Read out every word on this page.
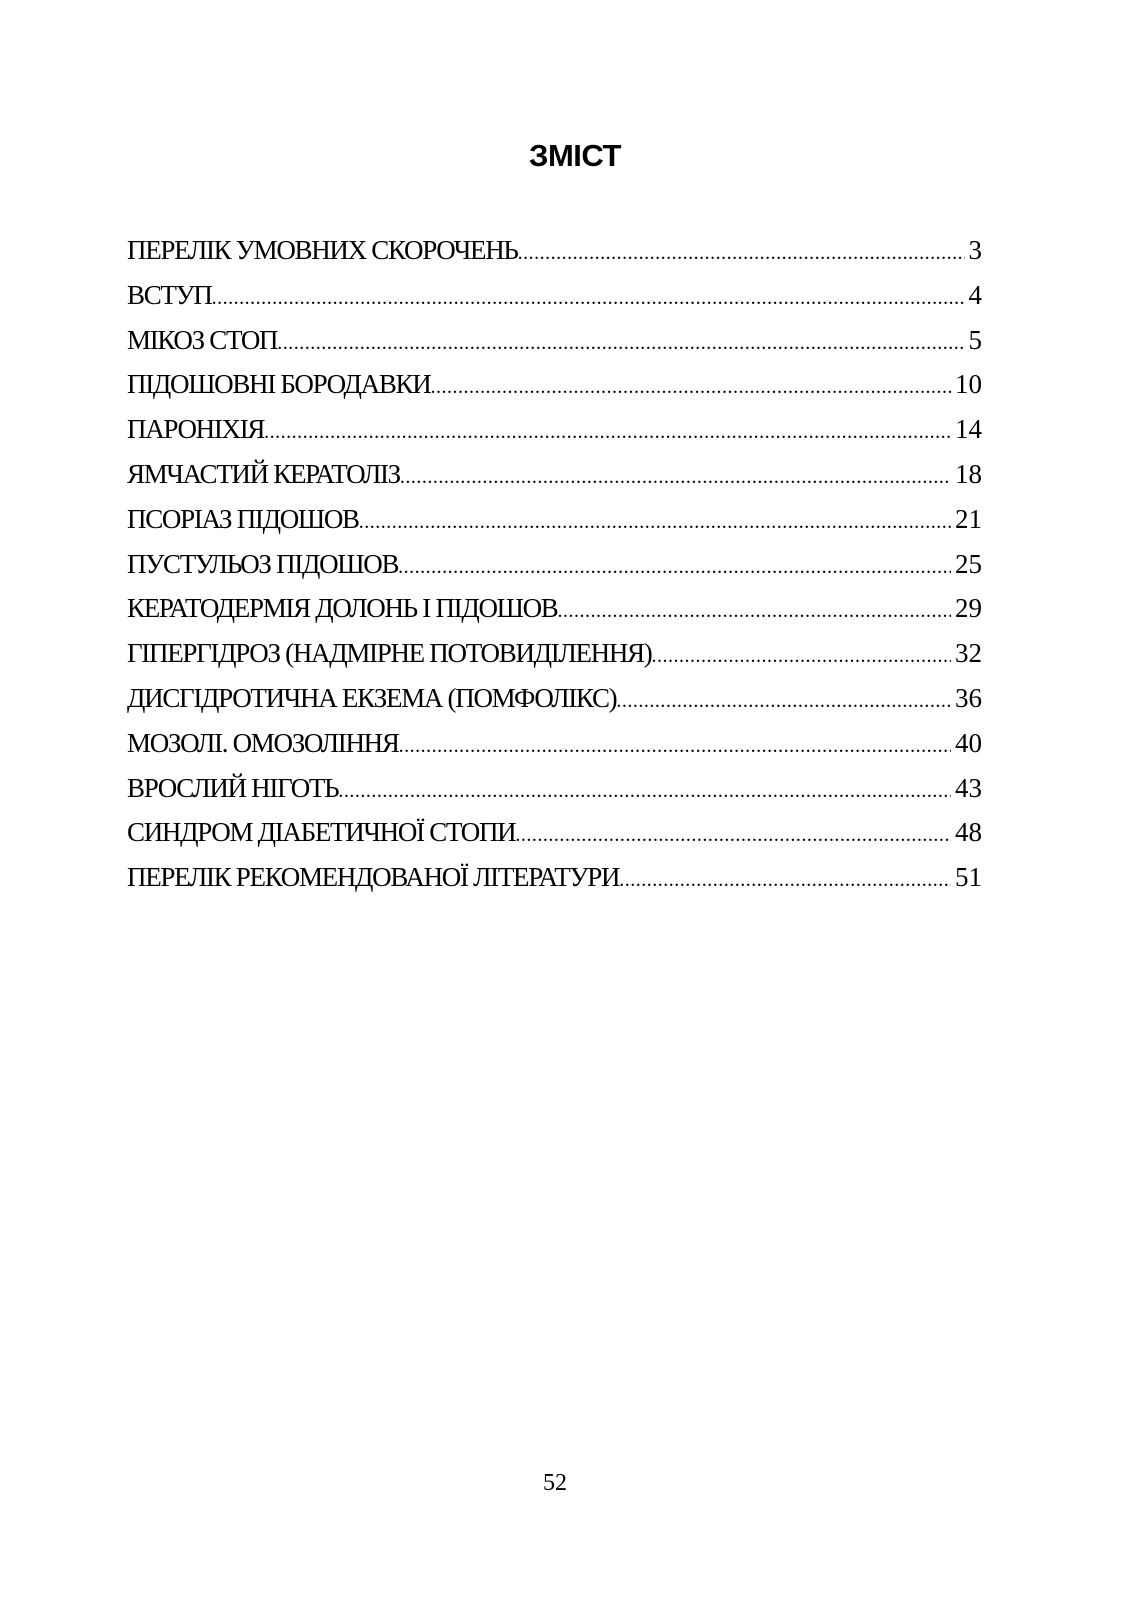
ЗМІСТ
ПЕРЕЛІК УМОВНИХ СКОРОЧЕНЬ .....	3
ВСТУП .....	4
МІКОЗ СТОП .....	5
ПІДОШОВНІ БОРОДАВКИ .....	10
ПАРОНІХІЯ .....	14
ЯМЧАСТИЙ КЕРАТОЛІЗ .....	18
ПСОРІАЗ ПІДОШОВ .....	21
ПУСТУЛЬОЗ ПІДОШОВ .....	25
КЕРАТОДЕРМІЯ ДОЛОНЬ І ПІДОШОВ .....	29
ГІПЕРГІДРОЗ (НАДМІРНЕ ПОТОВИДІЛЕННЯ) .....	32
ДИСГІДРОТИЧНА ЕКЗЕМА (ПОМФОЛІКС) .....	36
МОЗОЛІ. ОМОЗОЛІННЯ .....	40
ВРОСЛИЙ НІГОТЬ .....	43
СИНДРОМ ДІАБЕТИЧНОЇ СТОПИ .....	48
ПЕРЕЛІК РЕКОМЕНДОВАНОЇ ЛІТЕРАТУРИ .....	51
52
